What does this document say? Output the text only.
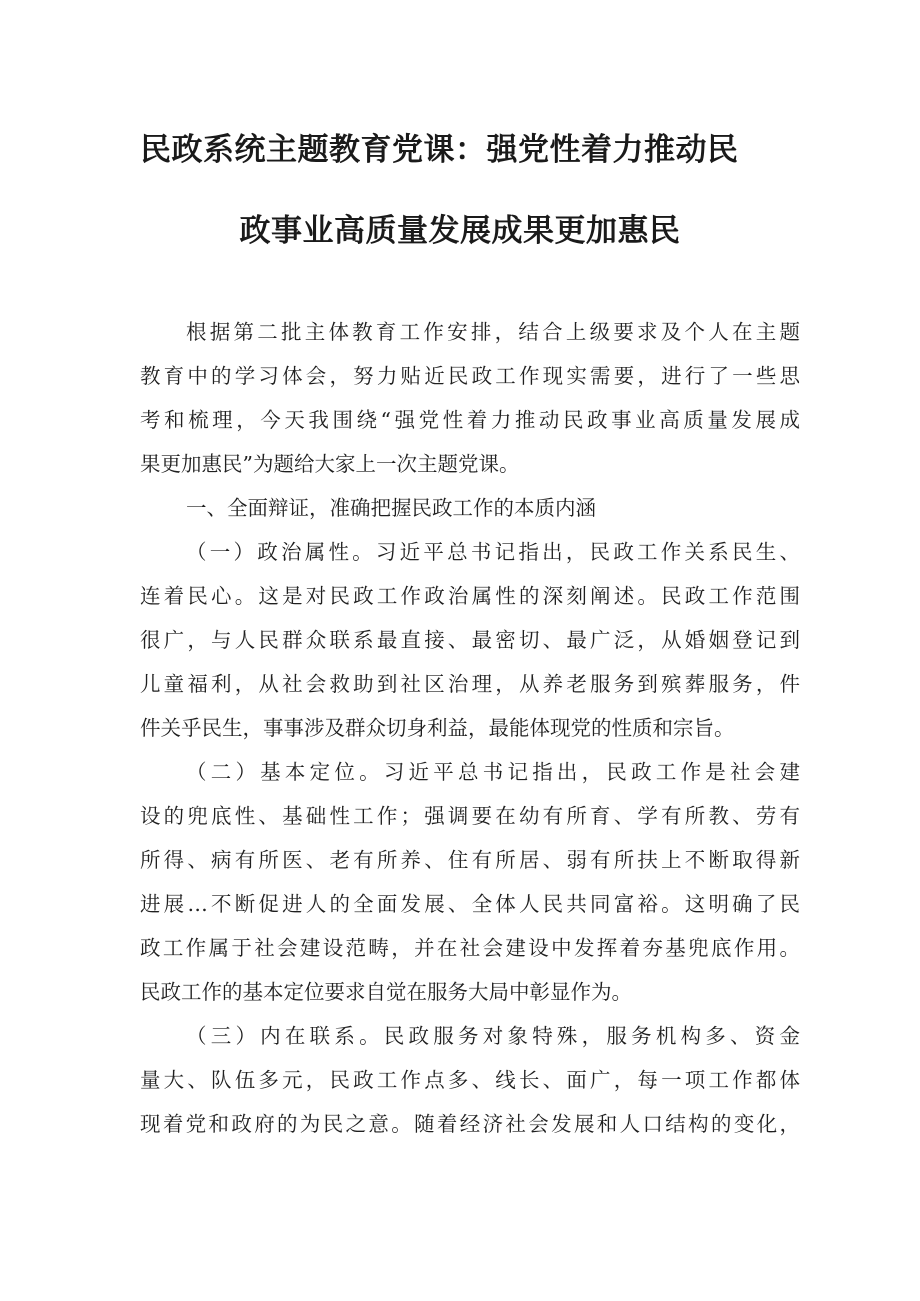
民政系统主题教育党课：强党性着力推动民
政事业高质量发展成果更加惠民
根据第二批主体教育工作安排，结合上级要求及个人在主题
教育中的学习体会，努力贴近民政工作现实需要，进行了一些思
考和梳理，今天我围绕“强党性着力推动民政事业高质量发展成
果更加惠民”为题给大家上一次主题党课。
一、全面辩证，准确把握民政工作的本质内涵
（一）政治属性。习近平总书记指出，民政工作关系民生、
连着民心。这是对民政工作政治属性的深刻阐述。民政工作范围
很广，与人民群众联系最直接、最密切、最广泛，从婚姻登记到
儿童福利，从社会救助到社区治理，从养老服务到殡葬服务，件
件关乎民生，事事涉及群众切身利益，最能体现党的性质和宗旨。
（二）基本定位。习近平总书记指出，民政工作是社会建
设的兜底性、基础性工作；强调要在幼有所育、学有所教、劳有
所得、病有所医、老有所养、住有所居、弱有所扶上不断取得新
进展…不断促进人的全面发展、全体人民共同富裕。这明确了民
政工作属于社会建设范畴，并在社会建设中发挥着夯基兜底作用。
民政工作的基本定位要求自觉在服务大局中彰显作为。
（三）内在联系。民政服务对象特殊，服务机构多、资金
量大、队伍多元，民政工作点多、线长、面广，每一项工作都体
现着党和政府的为民之意。随着经济社会发展和人口结构的变化，
